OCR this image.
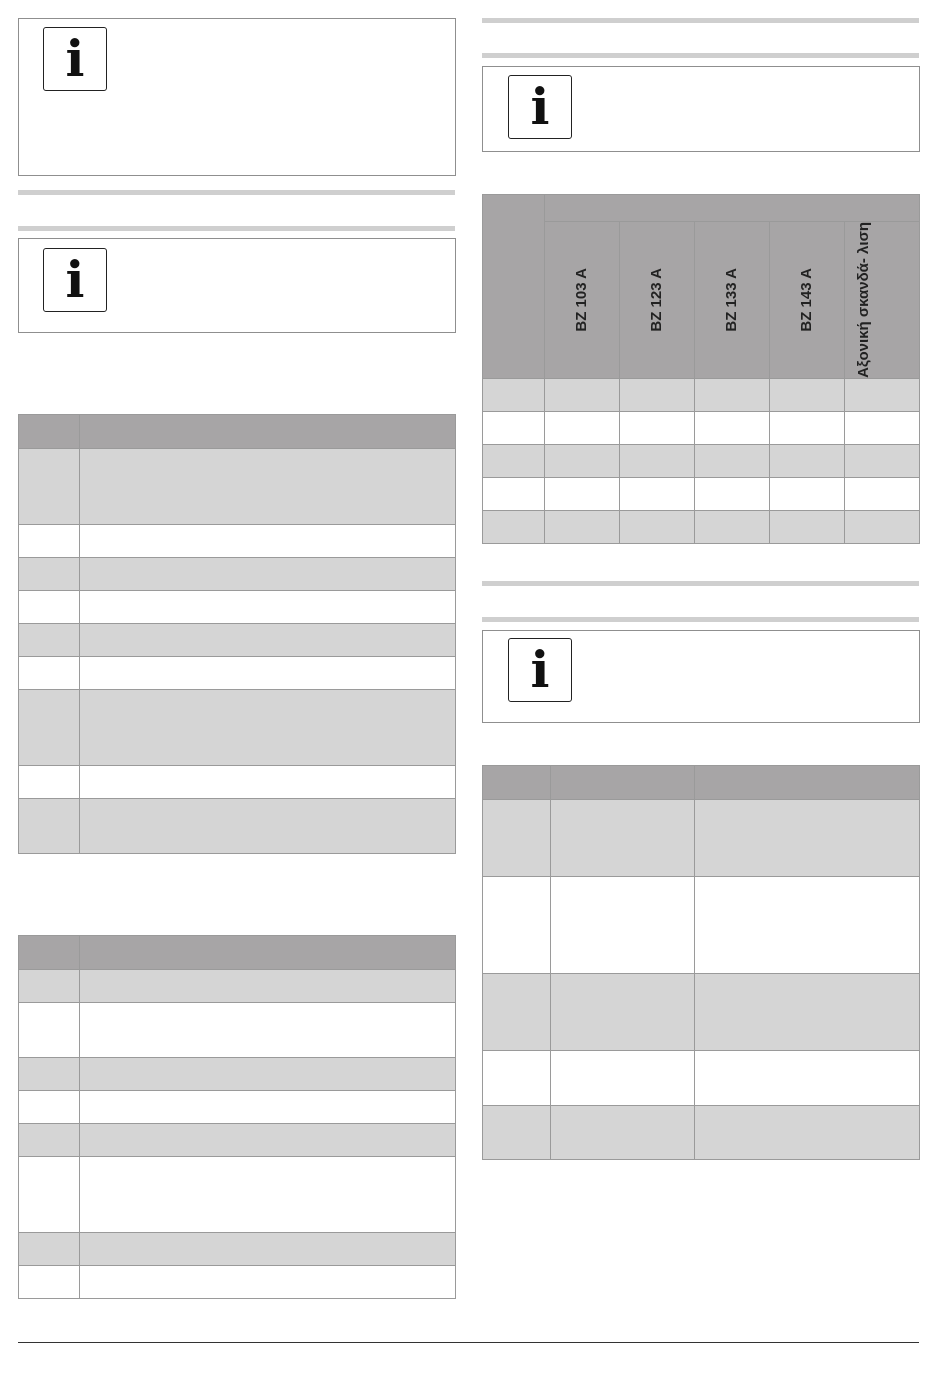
i
i

i

	BZ 103 A	BZ 123 A	BZ 133 A	BZ 143 A	Αξονική σκανδά- λιση

i
